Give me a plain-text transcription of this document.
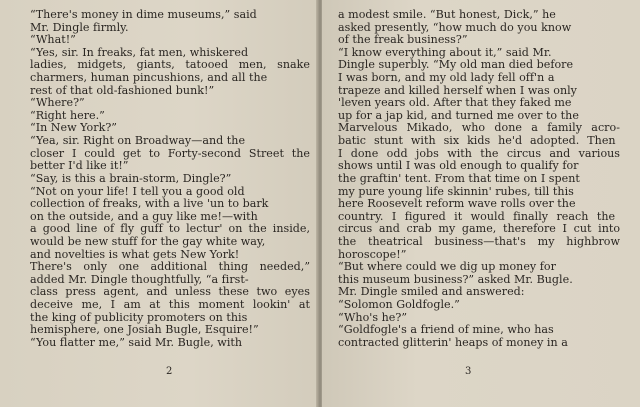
“There's money in dime museums,” said
Mr. Dingle firmly.
“What!”
“Yes, sir. In freaks, fat men, whiskered
ladies, midgets, giants, tatooed men, snake
charmers, human pincushions, and all the
rest of that old-fashioned bunk!”
“Where?”
“Right here.”
“In New York?”
“Yea, sir. Right on Broadway—and the
closer I could get to Forty-second Street the
better I'd like it!”
“Say, is this a brain-storm, Dingle?”
“Not on your life! I tell you a good old
collection of freaks, with a live 'un to bark
on the outside, and a guy like me!—with
a good line of fly guff to lectur' on the inside,
would be new stuff for the gay white way,
and novelties is what gets New York!
There's only one additional thing needed,”
added Mr. Dingle thoughtfully, “a first-
class press agent, and unless these two eyes
deceive me, I am at this moment lookin' at
the king of publicity promoters on this
hemisphere, one Josiah Bugle, Esquire!”
“You flatter me,” said Mr. Bugle, with
2
a modest smile. “But honest, Dick,” he
asked presently, “how much do you know
of the freak business?”
“I know everything about it,” said Mr.
Dingle superbly. “My old man died before
I was born, and my old lady fell off'n a
trapeze and killed herself when I was only
'leven years old. After that they faked me
up for a jap kid, and turned me over to the
Marvelous Mikado, who done a family acro-
batic stunt with six kids he'd adopted. Then
I done odd jobs with the circus and various
shows until I was old enough to qualify for
the graftin' tent. From that time on I spent
my pure young life skinnin' rubes, till this
here Roosevelt reform wave rolls over the
country. I figured it would finally reach the
circus and crab my game, therefore I cut into
the theatrical business—that's my highbrow
horoscope!”
“But where could we dig up money for
this museum business?” asked Mr. Bugle.
Mr. Dingle smiled and answered:
“Solomon Goldfogle.”
“Who's he?”
“Goldfogle's a friend of mine, who has
contracted glitterin' heaps of money in a
3
